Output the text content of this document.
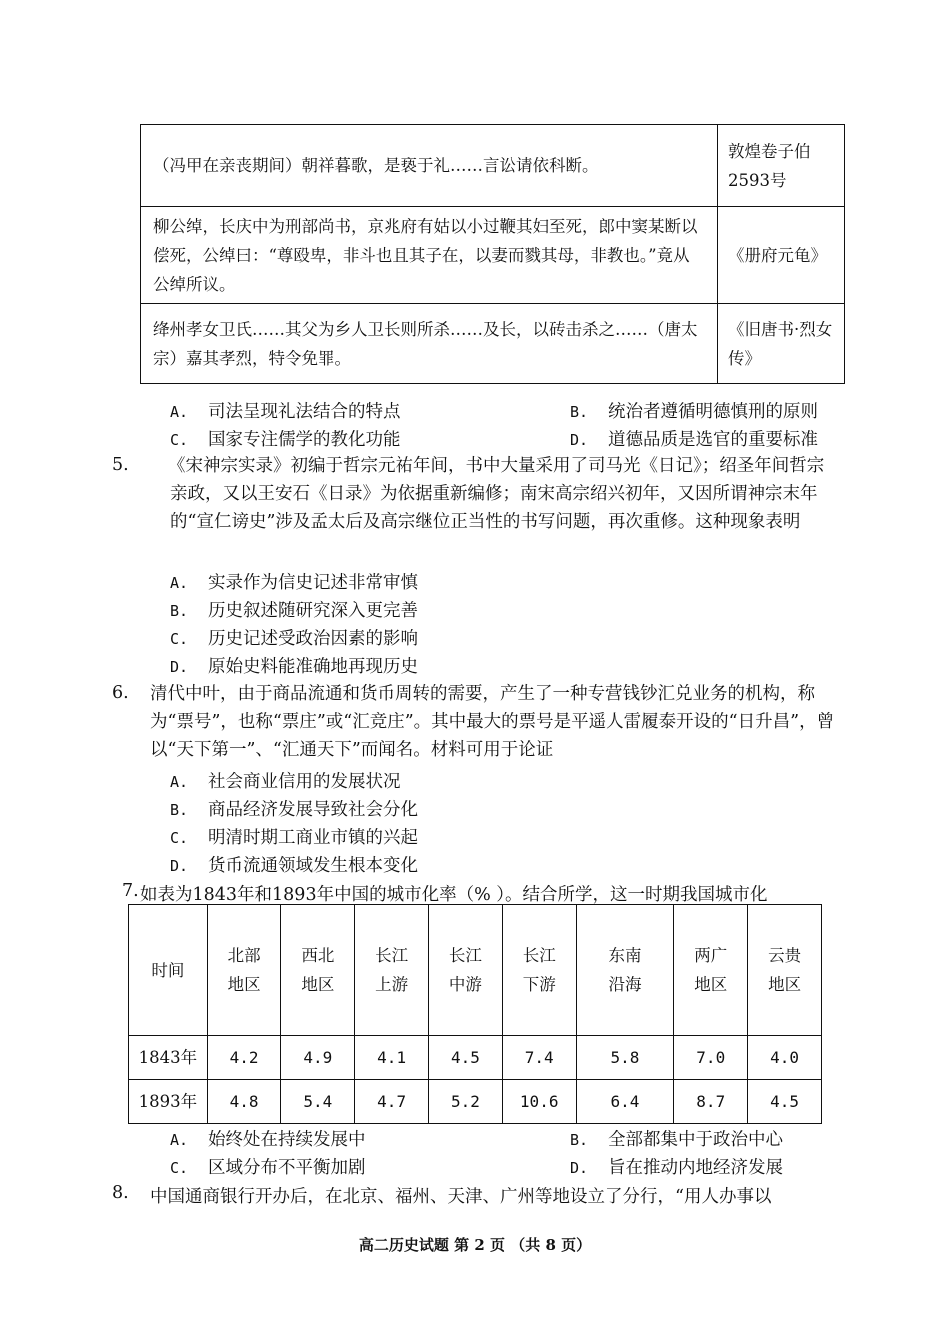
（冯甲在亲丧期间）朝祥暮歌，是亵于礼……言讼请依科断。	敦煌卷子伯2593号
柳公绰，长庆中为刑部尚书，京兆府有姑以小过鞭其妇至死，郎中窦某断以偿死，公绰曰：“尊殴卑，非斗也且其子在，以妻而戮其母，非教也。”竟从公绰所议。	《册府元龟》
绛州孝女卫氏……其父为乡人卫长则所杀……及长，以砖击杀之……（唐太宗）嘉其孝烈，特令免罪。	《旧唐书·烈女传》
A. 司法呈现礼法结合的特点	B. 统治者遵循明德慎刑的原则
C. 国家专注儒学的教化功能	D. 道德品质是选官的重要标准
5. 《宋神宗实录》初编于哲宗元祐年间，书中大量采用了司马光《日记》；绍圣年间哲宗亲政，又以王安石《日录》为依据重新编修；南宋高宗绍兴初年，又因所谓神宗末年的“宣仁谤史”涉及孟太后及高宗继位正当性的书写问题，再次重修。这种现象表明
A. 实录作为信史记述非常审慎
B. 历史叙述随研究深入更完善
C. 历史记述受政治因素的影响
D. 原始史料能准确地再现历史
6. 清代中叶，由于商品流通和货币周转的需要，产生了一种专营钱钞汇兑业务的机构，称为“票号”，也称“票庄”或“汇竞庄”。其中最大的票号是平遥人雷履泰开设的“日升昌”，曾以“天下第一”、“汇通天下”而闻名。材料可用于论证
A. 社会商业信用的发展状况
B. 商品经济发展导致社会分化
C. 明清时期工商业市镇的兴起
D. 货币流通领域发生根本变化
7. 如表为1843年和1893年中国的城市化率（% ）。结合所学，这一时期我国城市化
时间	北部地区	西北地区	长江上游	长江中游	长江下游	东南沿海	两广地区	云贵地区
1843年	4.2	4.9	4.1	4.5	7.4	5.8	7.0	4.0
1893年	4.8	5.4	4.7	5.2	10.6	6.4	8.7	4.5
A. 始终处在持续发展中	B. 全部都集中于政治中心
C. 区域分布不平衡加剧	D. 旨在推动内地经济发展
8. 中国通商银行开办后，在北京、福州、天津、广州等地设立了分行，“用人办事以
高二历史试题 第 2 页 （共 8 页）
